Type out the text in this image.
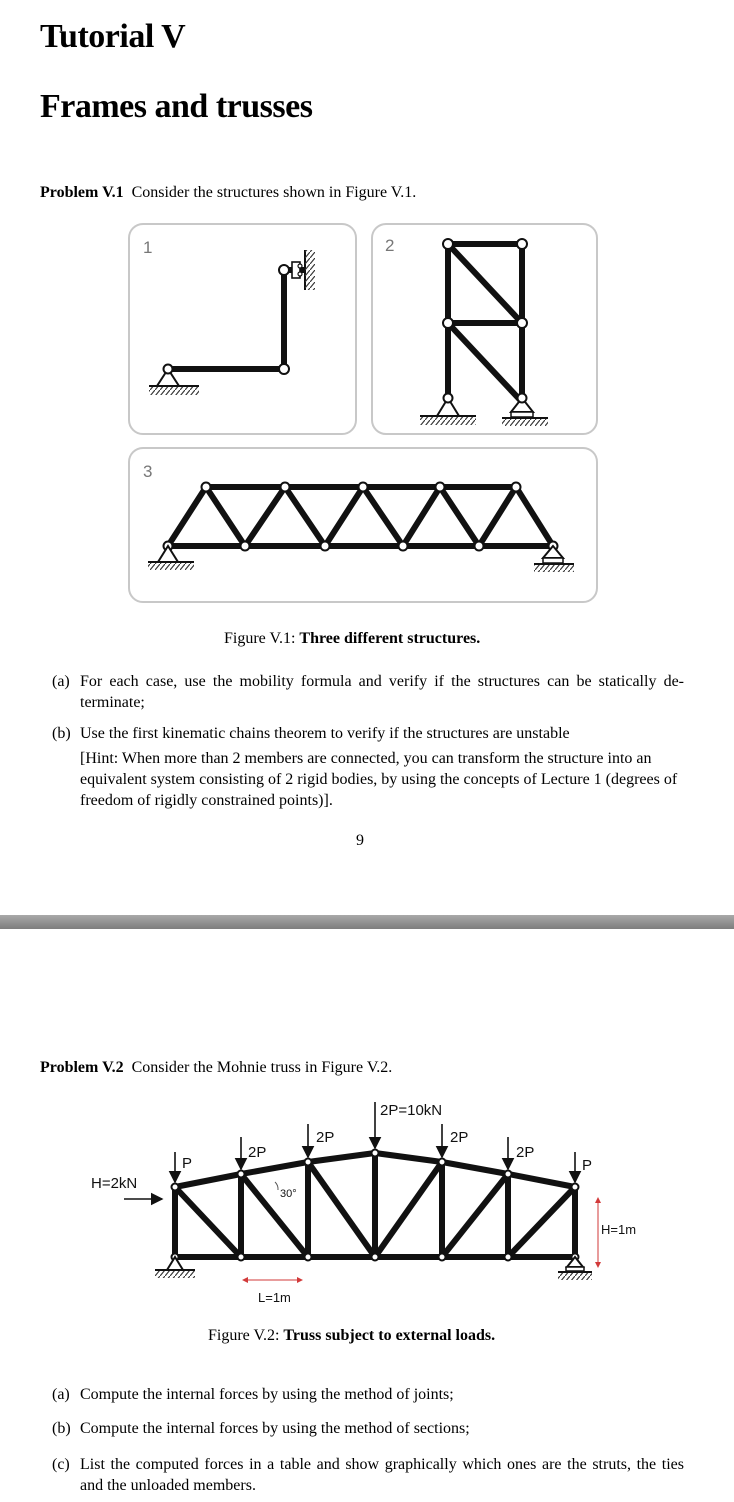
Tutorial V
Frames and trusses
Problem V.1 Consider the structures shown in Figure V.1.
1	2
3
Figure V.1: Three different structures.
(a) For each case, use the mobility formula and verify if the structures can be statically de-terminate;
(b) Use the first kinematic chains theorem to verify if the structures are unstable
[Hint: When more than 2 members are connected, you can transform the structure into an equivalent system consisting of 2 rigid bodies, by using the concepts of Lecture 1 (degrees of freedom of rigidly constrained points)].
9
Problem V.2 Consider the Mohnie truss in Figure V.2.
P
2P
2P
2P=10kN
2P
2P
P
H=2kN
30°
L=1m
H=1m
Figure V.2: Truss subject to external loads.
(a) Compute the internal forces by using the method of joints;
(b) Compute the internal forces by using the method of sections;
(c) List the computed forces in a table and show graphically which ones are the struts, the ties and the unloaded members.
